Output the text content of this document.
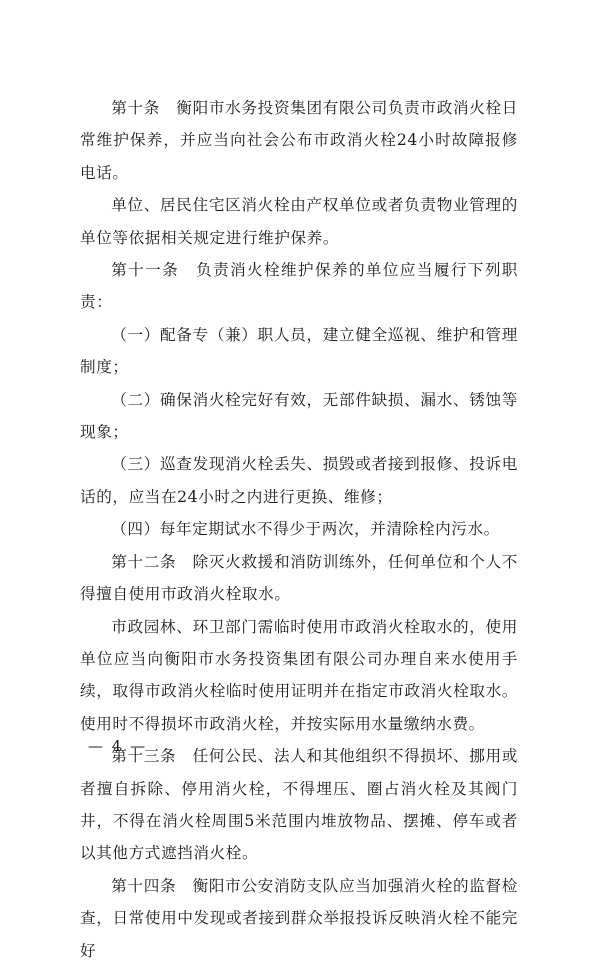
第十条　衡阳市水务投资集团有限公司负责市政消火栓日常维护保养，并应当向社会公布市政消火栓24小时故障报修电话。

单位、居民住宅区消火栓由产权单位或者负责物业管理的单位等依据相关规定进行维护保养。

第十一条　负责消火栓维护保养的单位应当履行下列职责：

（一）配备专（兼）职人员，建立健全巡视、维护和管理制度；

（二）确保消火栓完好有效，无部件缺损、漏水、锈蚀等现象；

（三）巡查发现消火栓丢失、损毁或者接到报修、投诉电话的，应当在24小时之内进行更换、维修；

（四）每年定期试水不得少于两次，并清除栓内污水。

第十二条　除灭火救援和消防训练外，任何单位和个人不得擅自使用市政消火栓取水。

市政园林、环卫部门需临时使用市政消火栓取水的，使用单位应当向衡阳市水务投资集团有限公司办理自来水使用手续，取得市政消火栓临时使用证明并在指定市政消火栓取水。使用时不得损坏市政消火栓，并按实际用水量缴纳水费。

第十三条　任何公民、法人和其他组织不得损坏、挪用或者擅自拆除、停用消火栓，不得埋压、圈占消火栓及其阀门井，不得在消火栓周围5米范围内堆放物品、摆摊、停车或者以其他方式遮挡消火栓。

第十四条　衡阳市公安消防支队应当加强消火栓的监督检查，日常使用中发现或者接到群众举报投诉反映消火栓不能完好

— 4 —
